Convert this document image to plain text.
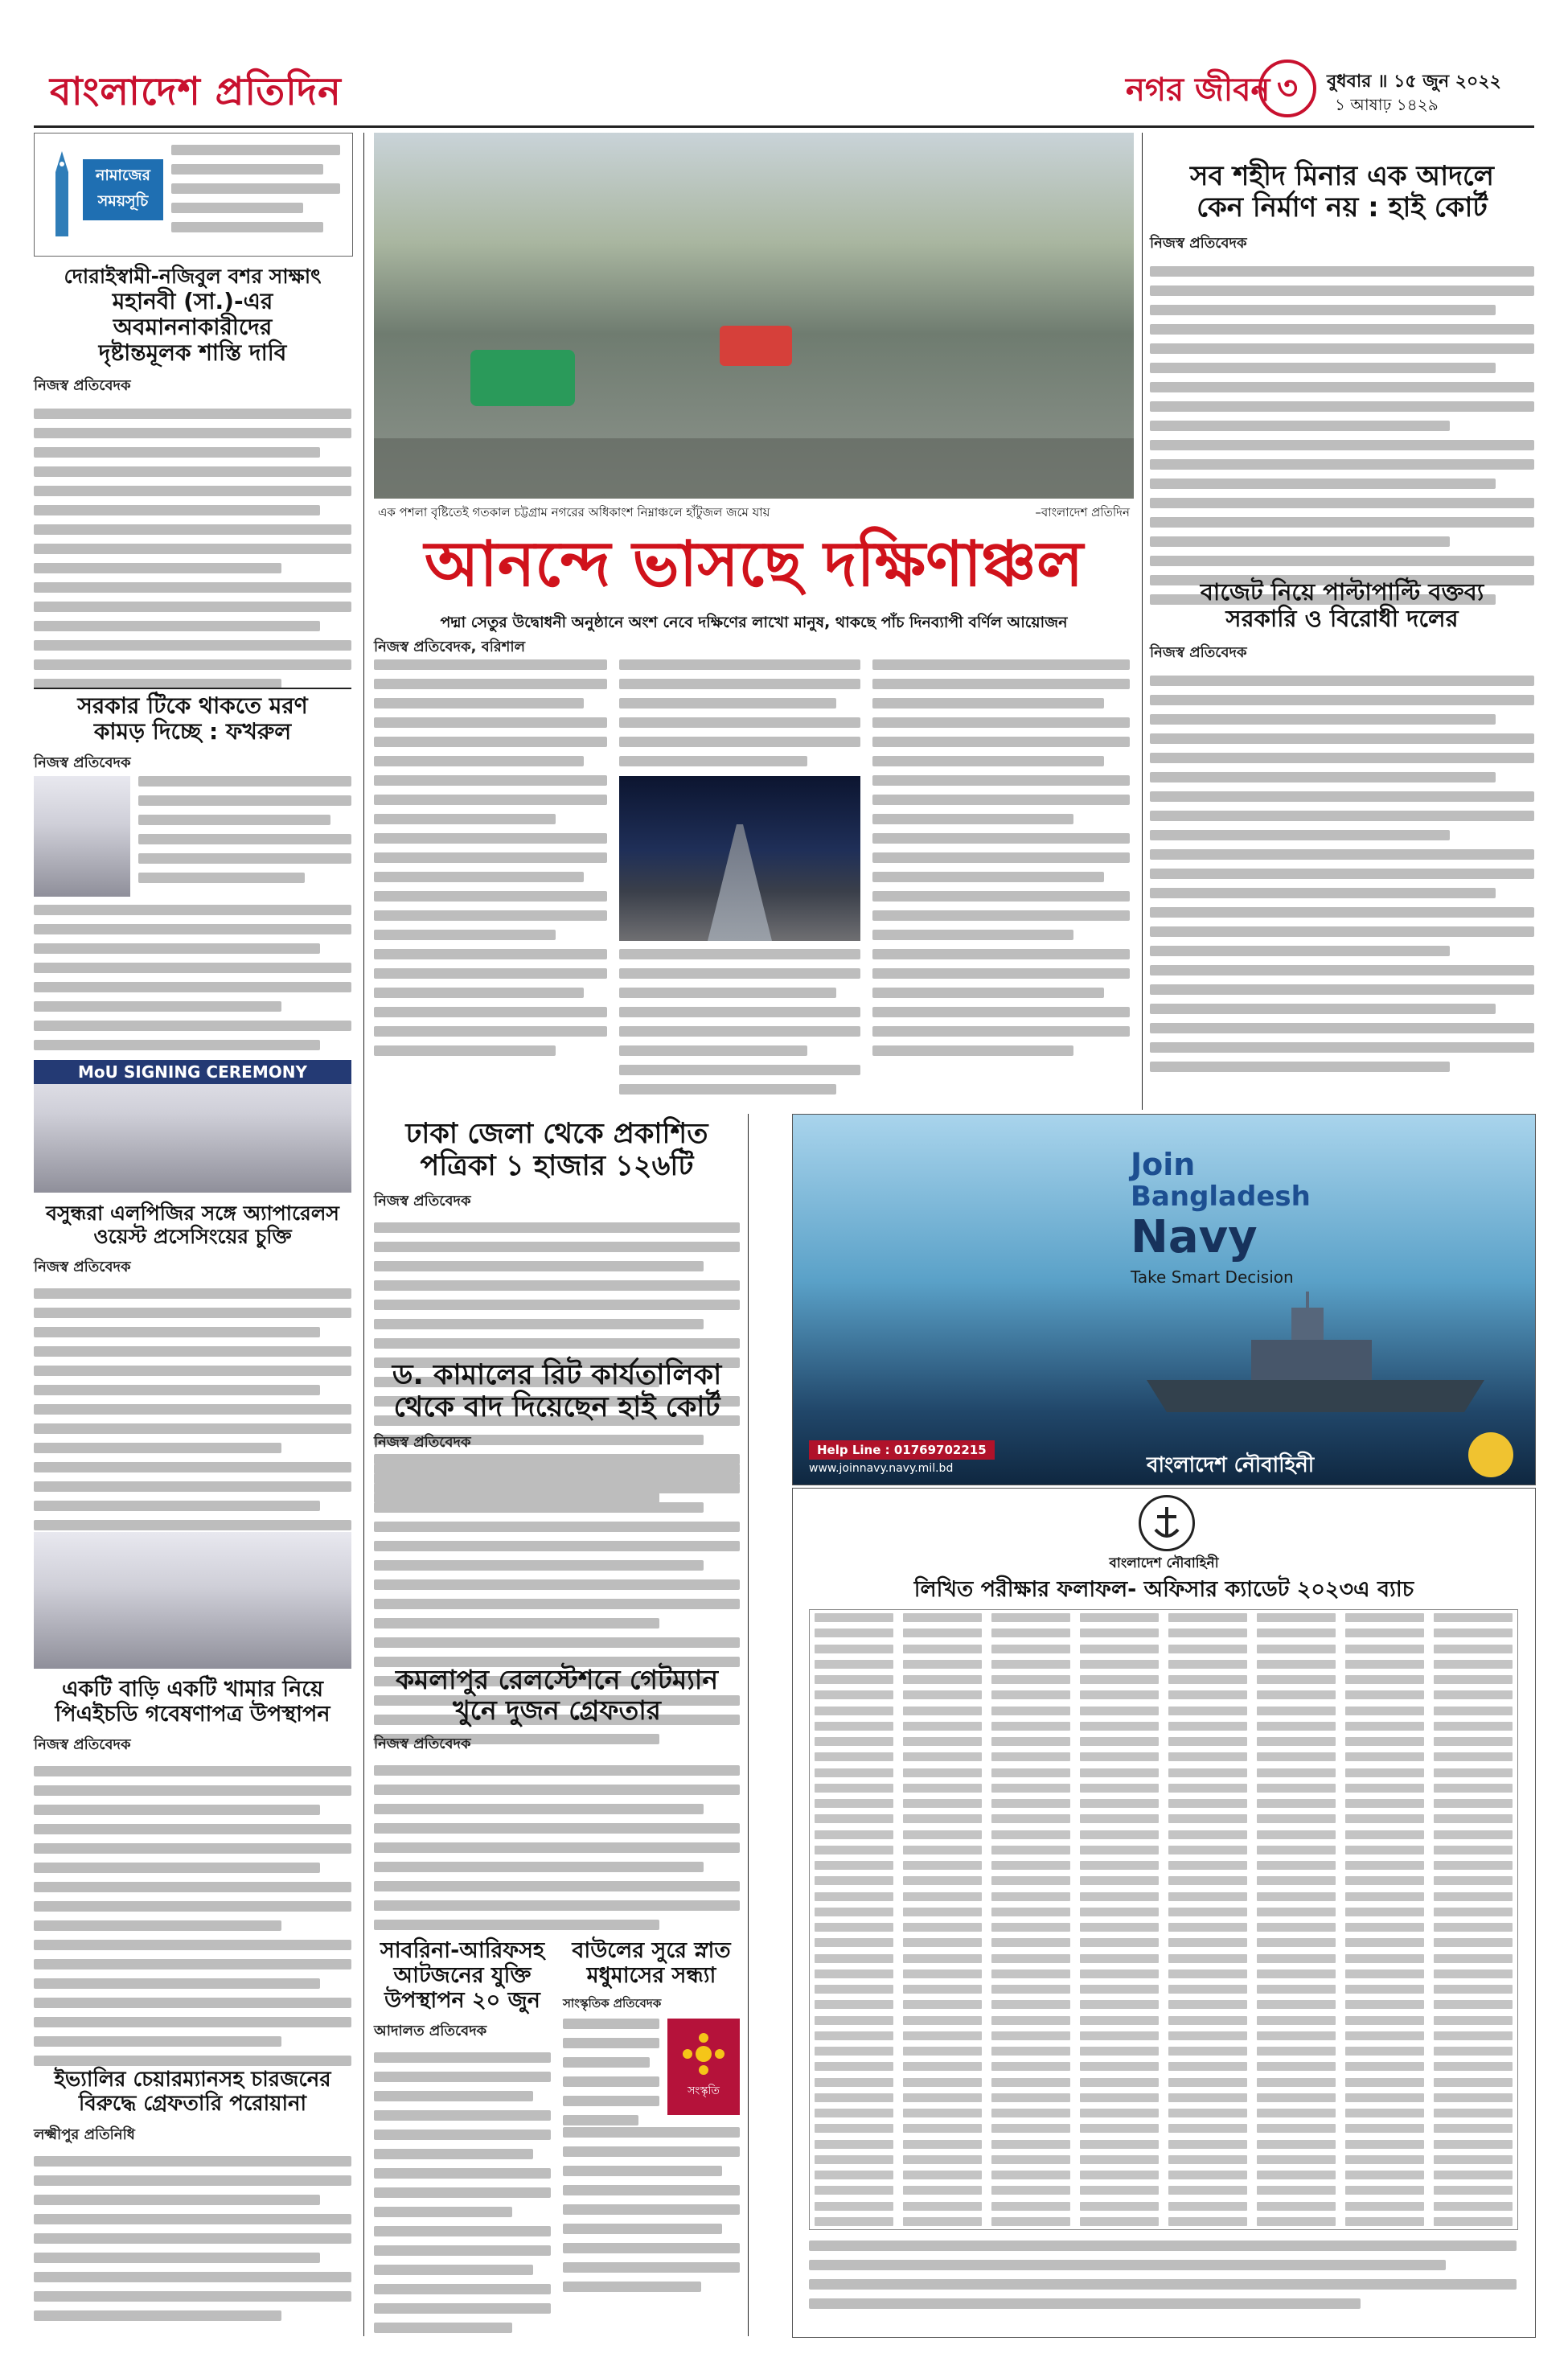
বাংলাদেশ প্রতিদিন	নগর জীবন ৩	বুধবার ॥ ১৫ জুন ২০২২
১ আষাঢ় ১৪২৯
নামাজের
সময়সূচি
দোরাইস্বামী-নজিবুল বশর সাক্ষাৎ
মহানবী (সা.)-এর অবমাননাকারীদের
দৃষ্টান্তমূলক শাস্তি দাবি
নিজস্ব প্রতিবেদক
সরকার টিকে থাকতে মরণ
কামড় দিচ্ছে : ফখরুল
নিজস্ব প্রতিবেদক
MoU SIGNING CEREMONY
বসুন্ধরা এলপিজির সঙ্গে অ্যাপারেলস
ওয়েস্ট প্রসেসিংয়ের চুক্তি
নিজস্ব প্রতিবেদক
একটি বাড়ি একটি খামার নিয়ে
পিএইচডি গবেষণাপত্র উপস্থাপন
নিজস্ব প্রতিবেদক
ইভ্যালির চেয়ারম্যানসহ চারজনের
বিরুদ্ধে গ্রেফতারি পরোয়ানা
লক্ষ্মীপুর প্রতিনিধি
এক পশলা বৃষ্টিতেই গতকাল চট্টগ্রাম নগরের অধিকাংশ নিম্নাঞ্চলে হাঁটুজল জমে যায়	–বাংলাদেশ প্রতিদিন
আনন্দে ভাসছে দক্ষিণাঞ্চল
পদ্মা সেতুর উদ্বোধনী অনুষ্ঠানে অংশ নেবে দক্ষিণের লাখো মানুষ, থাকছে পাঁচ দিনব্যাপী বর্ণিল আয়োজন
নিজস্ব প্রতিবেদক, বরিশাল
ঢাকা জেলা থেকে প্রকাশিত
পত্রিকা ১ হাজার ১২৬টি
নিজস্ব প্রতিবেদক
ড. কামালের রিট কার্যতালিকা
থেকে বাদ দিয়েছেন হাই কোর্ট
নিজস্ব প্রতিবেদক
কমলাপুর রেলস্টেশনে গেটম্যান
খুনে দুজন গ্রেফতার
নিজস্ব প্রতিবেদক
সাবরিনা-আরিফসহ
আটজনের যুক্তি
উপস্থাপন ২০ জুন
আদালত প্রতিবেদক
বাউলের সুরে স্নাত
মধুমাসের সন্ধ্যা
সাংস্কৃতিক প্রতিবেদক
সংস্কৃতি
সব শহীদ মিনার এক আদলে
কেন নির্মাণ নয় : হাই কোর্ট
নিজস্ব প্রতিবেদক
বাজেট নিয়ে পাল্টাপাল্টি বক্তব্য
সরকারি ও বিরোধী দলের
নিজস্ব প্রতিবেদক
Join
Bangladesh
Navy
Take Smart Decision
Help Line : 01769702215
www.joinnavy.navy.mil.bd	বাংলাদেশ নৌবাহিনী
বাংলাদেশ নৌবাহিনী
লিখিত পরীক্ষার ফলাফল- অফিসার ক্যাডেট ২০২৩এ ব্যাচ
